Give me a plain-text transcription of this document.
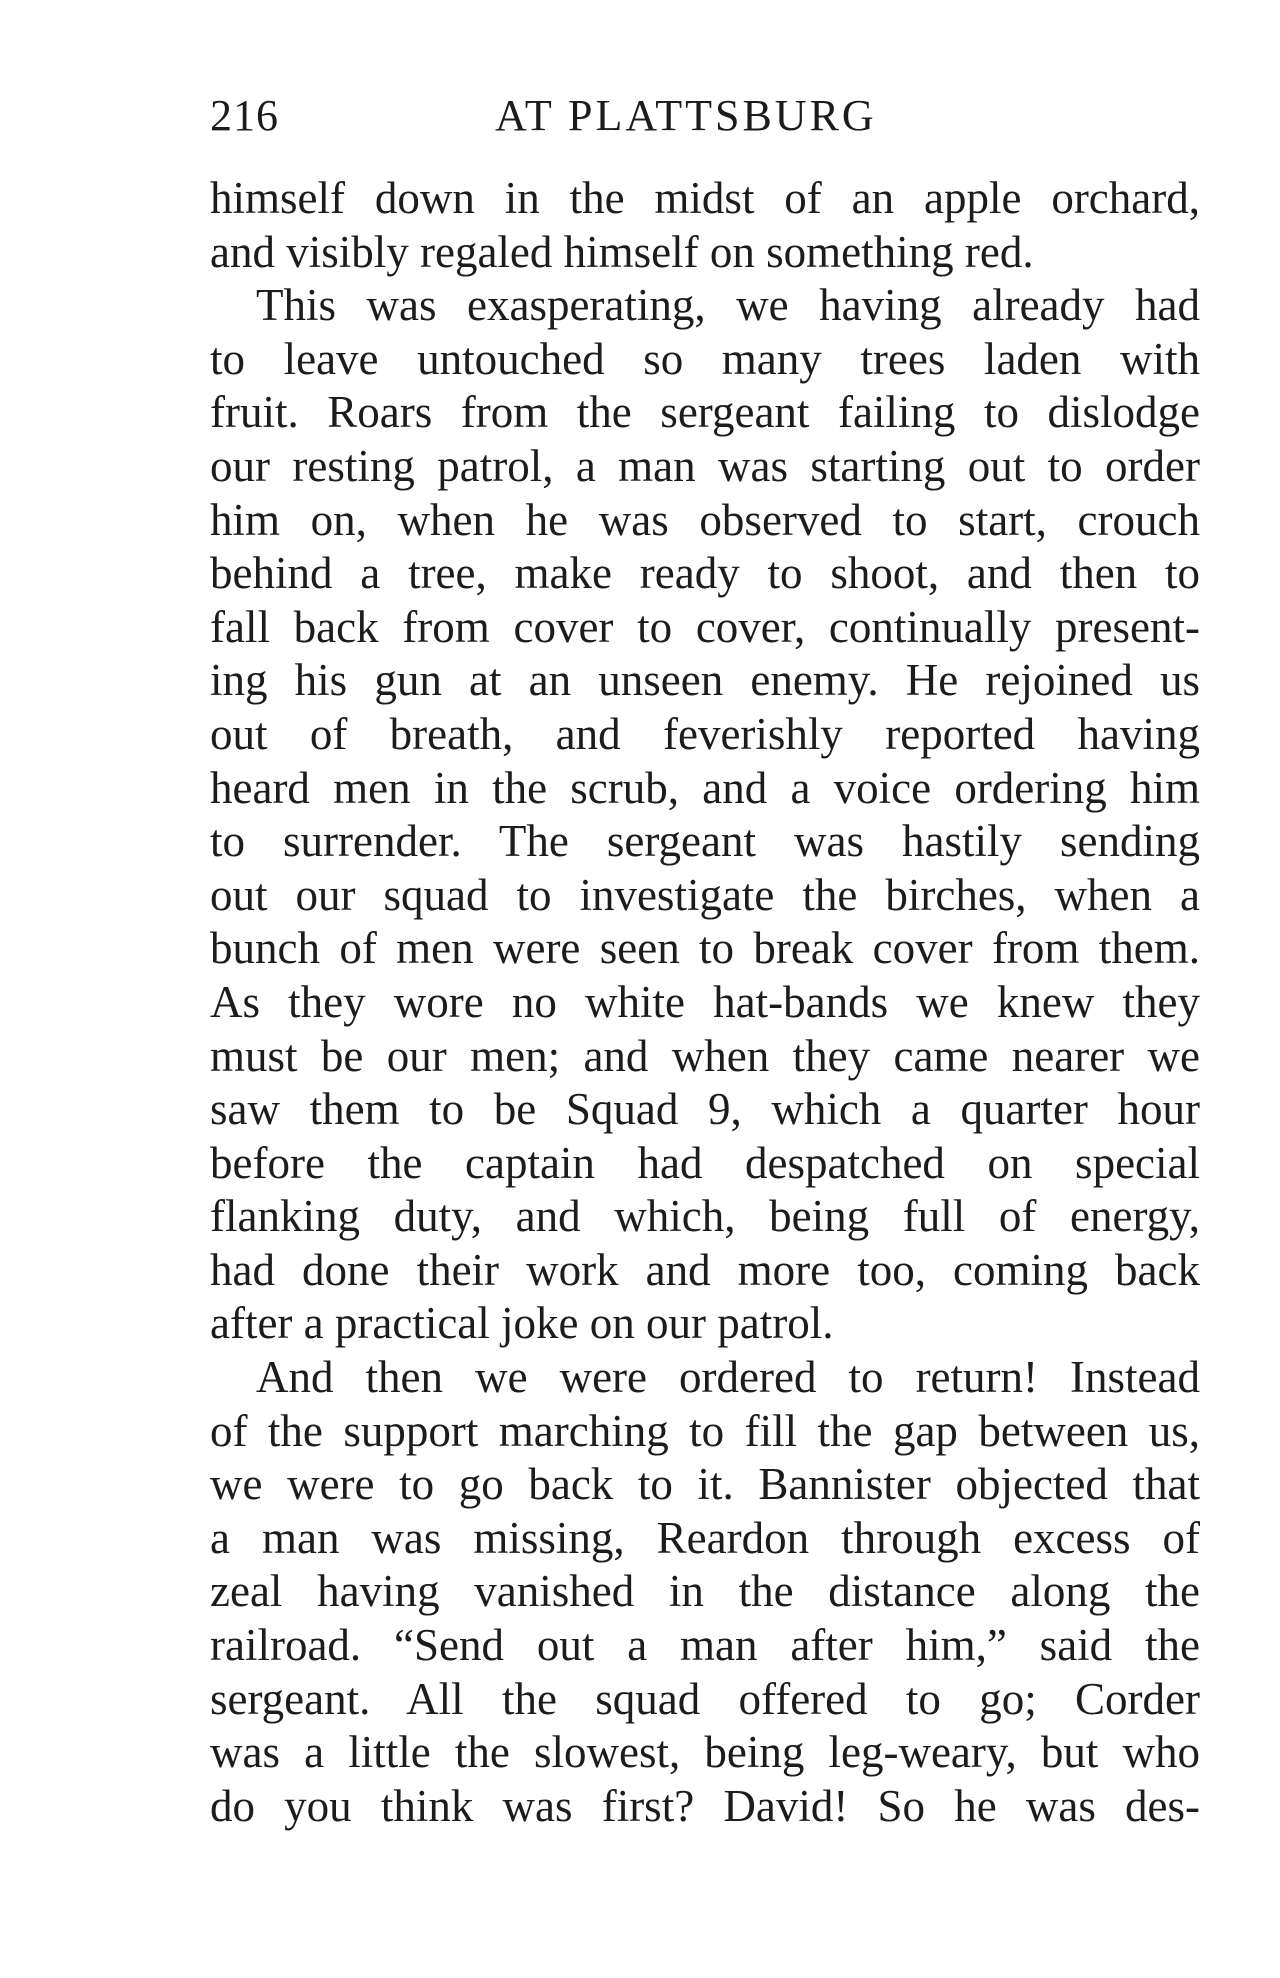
216	AT PLATTSBURG
himself down in the midst of an apple orchard,
and visibly regaled himself on something red.
This was exasperating, we having already had
to leave untouched so many trees laden with
fruit. Roars from the sergeant failing to dislodge
our resting patrol, a man was starting out to order
him on, when he was observed to start, crouch
behind a tree, make ready to shoot, and then to
fall back from cover to cover, continually present-
ing his gun at an unseen enemy. He rejoined us
out of breath, and feverishly reported having
heard men in the scrub, and a voice ordering him
to surrender. The sergeant was hastily sending
out our squad to investigate the birches, when a
bunch of men were seen to break cover from them.
As they wore no white hat-bands we knew they
must be our men; and when they came nearer we
saw them to be Squad 9, which a quarter hour
before the captain had despatched on special
flanking duty, and which, being full of energy,
had done their work and more too, coming back
after a practical joke on our patrol.
And then we were ordered to return! Instead
of the support marching to fill the gap between us,
we were to go back to it. Bannister objected that
a man was missing, Reardon through excess of
zeal having vanished in the distance along the
railroad. “Send out a man after him,” said the
sergeant. All the squad offered to go; Corder
was a little the slowest, being leg-weary, but who
do you think was first? David! So he was des-
